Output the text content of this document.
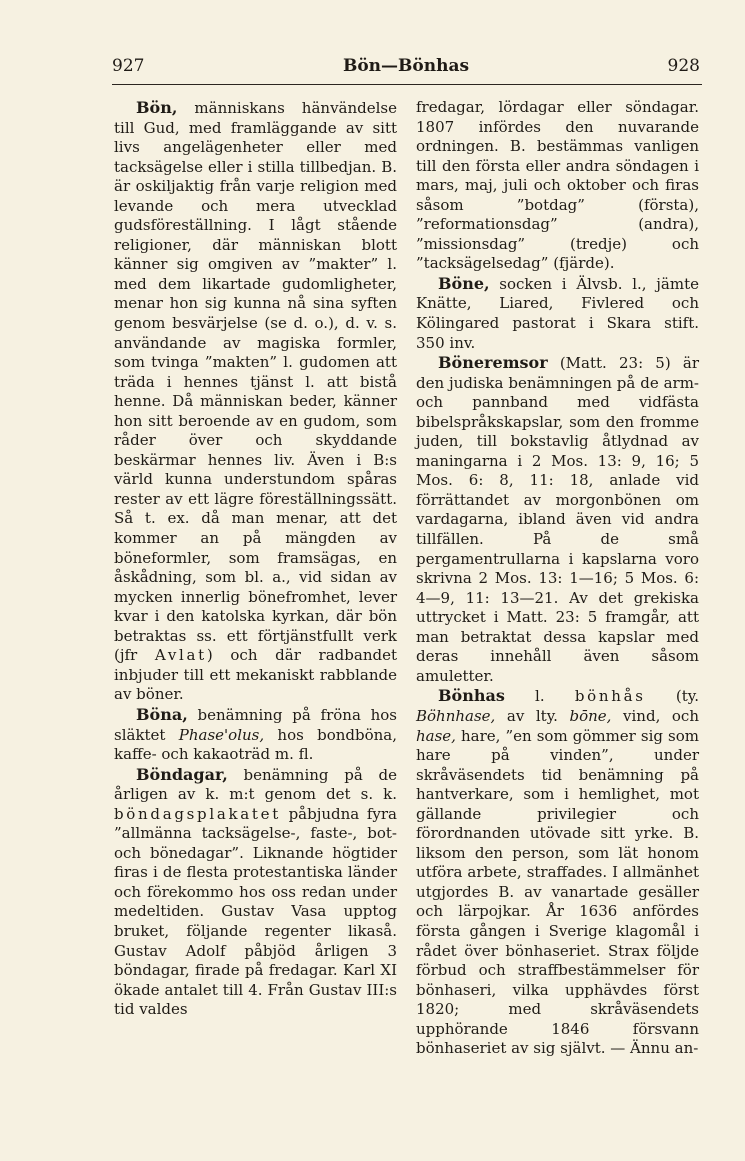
927	Bön—Bönhas	928

Bön, människans hänvändelse till Gud, med framläggande av sitt livs angelägenheter eller med tacksägelse eller i stilla tillbedjan. B. är oskiljaktig från varje religion med levande och mera utvecklad gudsföreställning. I lågt stående religioner, där människan blott känner sig omgiven av ”makter” l. med dem likartade gudomligheter, menar hon sig kunna nå sina syften genom besvärjelse (se d. o.), d. v. s. användande av magiska formler, som tvinga ”makten” l. gudomen att träda i hennes tjänst l. att bistå henne. Då människan beder, känner hon sitt beroende av en gudom, som råder över och skyddande beskärmar hennes liv. Även i B:s värld kunna understundom spåras rester av ett lägre föreställningssätt. Så t. ex. då man menar, att det kommer an på mängden av böneformler, som framsägas, en åskådning, som bl. a., vid sidan av mycken innerlig bönefromhet, lever kvar i den katolska kyrkan, där bön betraktas ss. ett förtjänstfullt verk (jfr Avlat) och där radbandet inbjuder till ett mekaniskt rabblande av böner.

Böna, benämning på fröna hos släktet Phase'olus, hos bondböna, kaffe- och kakaoträd m. fl.

Böndagar, benämning på de årligen av k. m:t genom det s. k. böndagsplakatet påbjudna fyra ”allmänna tacksägelse-, faste-, bot- och bönedagar”. Liknande högtider firas i de flesta protestantiska länder och förekommo hos oss redan under medeltiden. Gustav Vasa upptog bruket, följande regenter likaså. Gustav Adolf påbjöd årligen 3 böndagar, firade på fredagar. Karl XI ökade antalet till 4. Från Gustav III:s tid valdes

fredagar, lördagar eller söndagar. 1807 infördes den nuvarande ordningen. B. bestämmas vanligen till den första eller andra söndagen i mars, maj, juli och oktober och firas såsom ”botdag” (första), ”reformationsdag” (andra), ”missionsdag” (tredje) och ”tacksägelsedag” (fjärde).

Böne, socken i Älvsb. l., jämte Knätte, Liared, Fivlered och Kölingared pastorat i Skara stift. 350 inv.

Böneremsor (Matt. 23: 5) är den judiska benämningen på de arm- och pannband med vidfästa bibelspråkskapslar, som den fromme juden, till bokstavlig åtlydnad av maningarna i 2 Mos. 13: 9, 16; 5 Mos. 6: 8, 11: 18, anlade vid förrättandet av morgonbönen om vardagarna, ibland även vid andra tillfällen. På de små pergamentrullarna i kapslarna voro skrivna 2 Mos. 13: 1—16; 5 Mos. 6: 4—9, 11: 13—21. Av det grekiska uttrycket i Matt. 23: 5 framgår, att man betraktat dessa kapslar med deras innehåll även såsom amuletter.

Bönhas l. bönhås (ty. Böhnhase, av lty. bōne, vind, och hase, hare, ”en som gömmer sig som hare på vinden”, under skråväsendets tid benämning på hantverkare, som i hemlighet, mot gällande privilegier och förordnanden utövade sitt yrke. B. liksom den person, som lät honom utföra arbete, straffades. I allmänhet utgjordes B. av vanartade gesäller och lärpojkar. År 1636 anfördes första gången i Sverige klagomål i rådet över bönhaseriet. Strax följde förbud och straffbestämmelser för bönhaseri, vilka upphävdes först 1820; med skråväsendets upphörande 1846 försvann bönhaseriet av sig självt. — Ännu an-
